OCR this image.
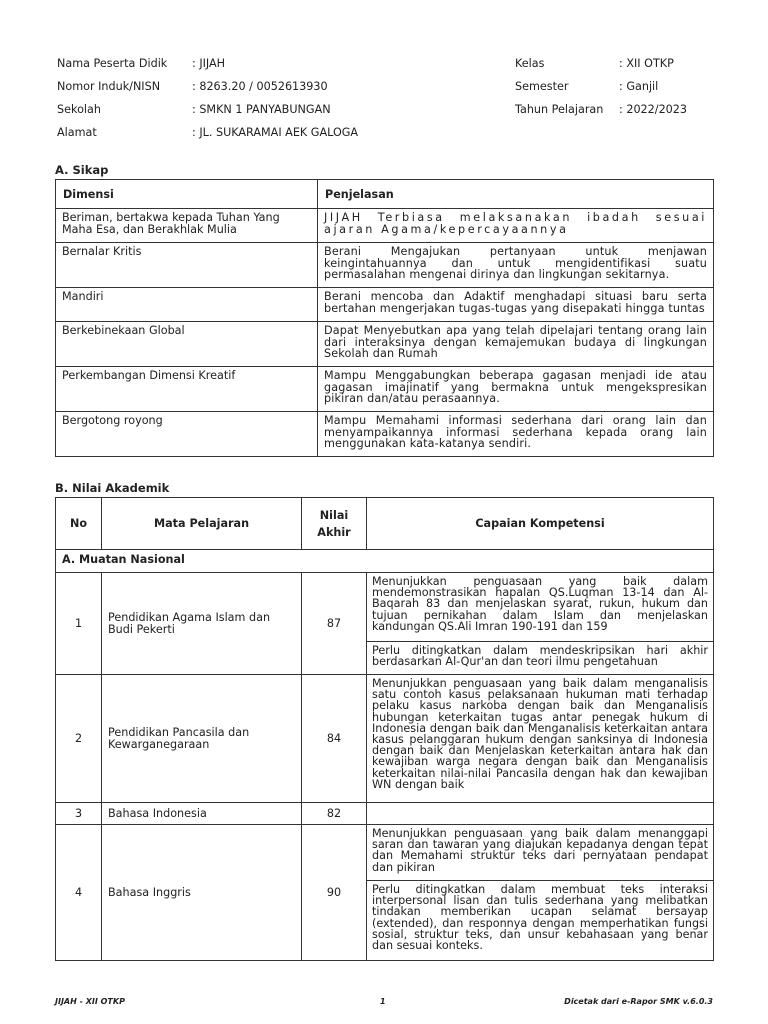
Nama Peserta Didik : JIJAH	Kelas	: XII OTKP
Nomor Induk/NISN	: 8263.20 / 0052613930	Semester	: Ganjil
Sekolah	: SMKN 1 PANYABUNGAN	Tahun Pelajaran : 2022/2023
Alamat	: JL. SUKARAMAI AEK GALOGA
A. Sikap
Dimensi	Penjelasan
Beriman, bertakwa kepada Tuhan Yang Maha Esa, dan Berakhlak Mulia	JIJAH Terbiasa melaksanakan ibadah sesuai ajaran Agama/kepercayaannya
Bernalar Kritis	Berani Mengajukan pertanyaan untuk menjawan keingintahuannya dan untuk mengidentifikasi suatu permasalahan mengenai dirinya dan lingkungan sekitarnya.
Mandiri	Berani mencoba dan Adaktif menghadapi situasi baru serta bertahan mengerjakan tugas-tugas yang disepakati hingga tuntas
Berkebinekaan Global	Dapat Menyebutkan apa yang telah dipelajari tentang orang lain dari interaksinya dengan kemajemukan budaya di lingkungan Sekolah dan Rumah
Perkembangan Dimensi Kreatif	Mampu Menggabungkan beberapa gagasan menjadi ide atau gagasan imajinatif yang bermakna untuk mengekspresikan pikiran dan/atau perasaannya.
Bergotong royong	Mampu Memahami informasi sederhana dari orang lain dan menyampaikannya informasi sederhana kepada orang lain menggunakan kata-katanya sendiri.
B. Nilai Akademik
No	Mata Pelajaran	Nilai Akhir	Capaian Kompetensi
A. Muatan Nasional			
1	Pendidikan Agama Islam dan Budi Pekerti	87	Menunjukkan penguasaan yang baik dalam mendemonstrasikan hapalan QS.Luqman 13-14 dan Al-Baqarah 83 dan menjelaskan syarat, rukun, hukum dan tujuan pernikahan dalam Islam dan menjelaskan kandungan QS.Ali Imran 190-191 dan 159
			Perlu ditingkatkan dalam mendeskripsikan hari akhir berdasarkan Al-Qur'an dan teori ilmu pengetahuan
2	Pendidikan Pancasila dan Kewarganegaraan	84	Menunjukkan penguasaan yang baik dalam menganalisis satu contoh kasus pelaksanaan hukuman mati terhadap pelaku kasus narkoba dengan baik dan Menganalisis hubungan keterkaitan tugas antar penegak hukum di Indonesia dengan baik dan Menganalisis keterkaitan antara kasus pelanggaran hukum dengan sanksinya di Indonesia dengan baik dan Menjelaskan keterkaitan antara hak dan kewajiban warga negara dengan baik dan Menganalisis keterkaitan nilai-nilai Pancasila dengan hak dan kewajiban WN dengan baik
3	Bahasa Indonesia	82	
4	Bahasa Inggris	90	Menunjukkan penguasaan yang baik dalam menanggapi saran dan tawaran yang diajukan kepadanya dengan tepat dan Memahami struktur teks dari pernyataan pendapat dan pikiran
			Perlu ditingkatkan dalam membuat teks interaksi interpersonal lisan dan tulis sederhana yang melibatkan tindakan memberikan ucapan selamat bersayap (extended), dan responnya dengan memperhatikan fungsi sosial, struktur teks, dan unsur kebahasaan yang benar dan sesuai konteks.
JIJAH - XII OTKP	1	Dicetak dari e-Rapor SMK v.6.0.3
